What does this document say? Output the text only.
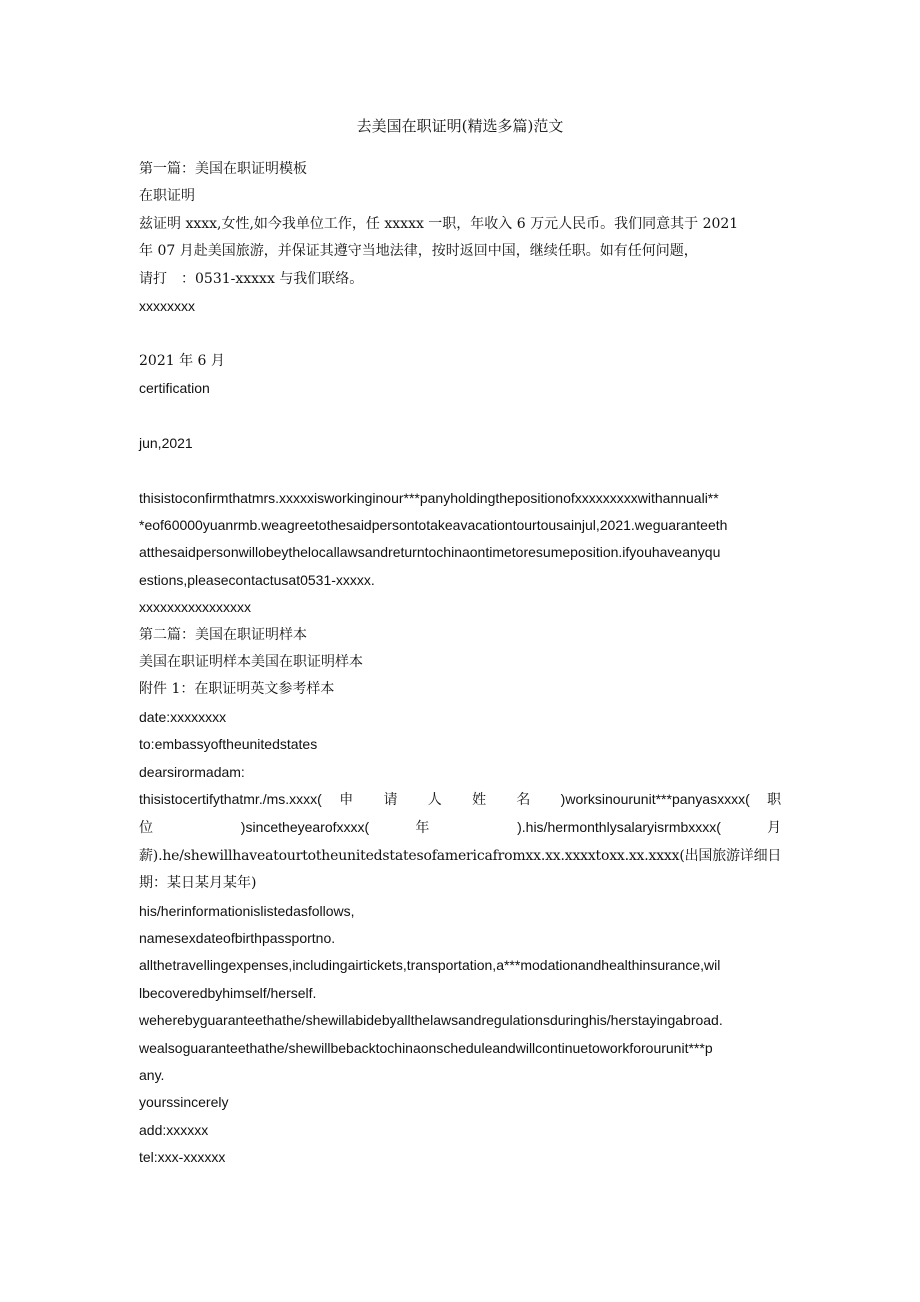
去美国在职证明(精选多篇)范文
第一篇：美国在职证明模板
在职证明
兹证明 xxxx,女性,如今我单位工作，任 xxxxx 一职，年收入 6 万元人民币。我们同意其于 2021
年 07 月赴美国旅游，并保证其遵守当地法律，按时返回中国，继续任职。如有任何问题，
请打　：0531-xxxxx 与我们联络。
xxxxxxxx
2021 年 6 月
certification
jun,2021
thisistoconfirmthatmrs.xxxxxisworkinginour***panyholdingthepositionofxxxxxxxxxwithannuali**
*eof60000yuanrmb.weagreetothesaidpersontotakeavacationtourtousainjul,2021.weguaranteeth
atthesaidpersonwillobeythelocallawsandreturntochinaontimetoresumeposition.ifyouhaveanyqu
estions,pleasecontactusat0531-xxxxx.
xxxxxxxxxxxxxxxx
第二篇：美国在职证明样本
美国在职证明样本美国在职证明样本
附件 1：在职证明英文参考样本
date:xxxxxxxx
to:embassyoftheunitedstates
dearsirormadam:
thisistocertifythatmr./ms.xxxx( 申 请 人 姓 名 )worksinourunit***panyasxxxx( 职
位	)sincetheyearofxxxx(	年	).his/hermonthlysalaryisrmbxxxx(	月
薪).he/shewillhaveatourtotheunitedstatesofamericafromxx.xx.xxxxtoxx.xx.xxxx(出国旅游详细日
期：某日某月某年)
his/herinformationislistedasfollows,
namesexdateofbirthpassportno.
allthetravellingexpenses,includingairtickets,transportation,a***modationandhealthinsurance,wil
lbecoveredbyhimself/herself.
weherebyguaranteethathe/shewillabidebyallthelawsandregulationsduringhis/herstayingabroad.
wealsoguaranteethathe/shewillbebacktochinaonscheduleandwillcontinuetoworkforourunit***p
any.
yourssincerely
add:xxxxxx
tel:xxx-xxxxxx
